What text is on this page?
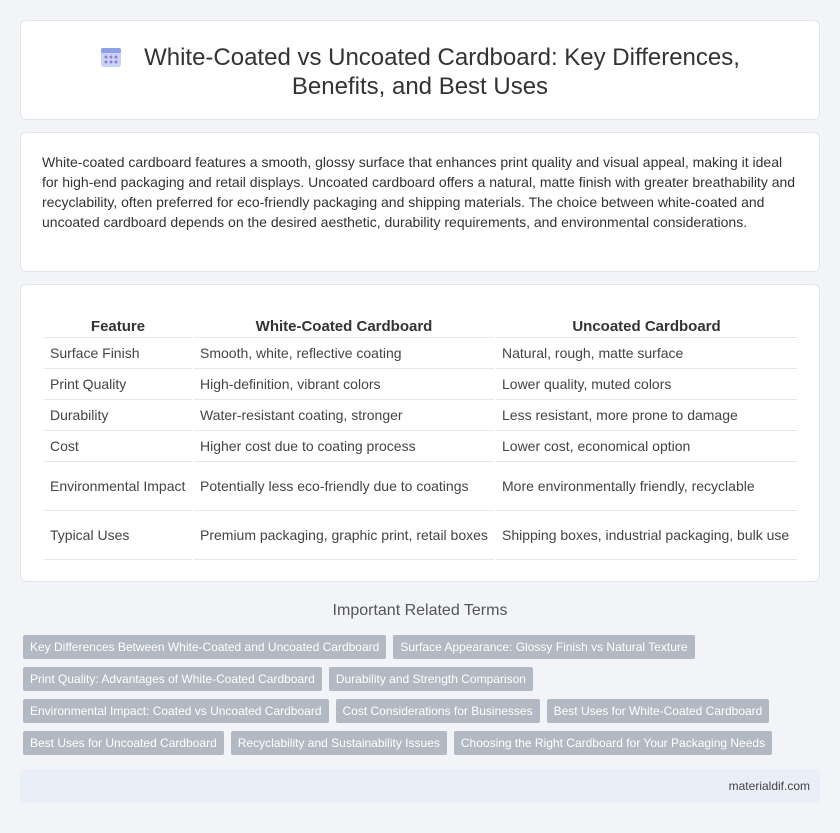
White-Coated vs Uncoated Cardboard: Key Differences, Benefits, and Best Uses

White-coated cardboard features a smooth, glossy surface that enhances print quality and visual appeal, making it ideal for high-end packaging and retail displays. Uncoated cardboard offers a natural, matte finish with greater breathability and recyclability, often preferred for eco-friendly packaging and shipping materials. The choice between white-coated and uncoated cardboard depends on the desired aesthetic, durability requirements, and environmental considerations.

Feature	White-Coated Cardboard	Uncoated Cardboard
Surface Finish	Smooth, white, reflective coating	Natural, rough, matte surface
Print Quality	High-definition, vibrant colors	Lower quality, muted colors
Durability	Water-resistant coating, stronger	Less resistant, more prone to damage
Cost	Higher cost due to coating process	Lower cost, economical option
Environmental Impact	Potentially less eco-friendly due to coatings	More environmentally friendly, recyclable
Typical Uses	Premium packaging, graphic print, retail boxes	Shipping boxes, industrial packaging, bulk use
Important Related Terms
Key Differences Between White-Coated and Uncoated Cardboard	Surface Appearance: Glossy Finish vs Natural Texture
Print Quality: Advantages of White-Coated Cardboard	Durability and Strength Comparison
Environmental Impact: Coated vs Uncoated Cardboard	Cost Considerations for Businesses	Best Uses for White-Coated Cardboard
Best Uses for Uncoated Cardboard	Recyclability and Sustainability Issues	Choosing the Right Cardboard for Your Packaging Needs
materialdif.com
